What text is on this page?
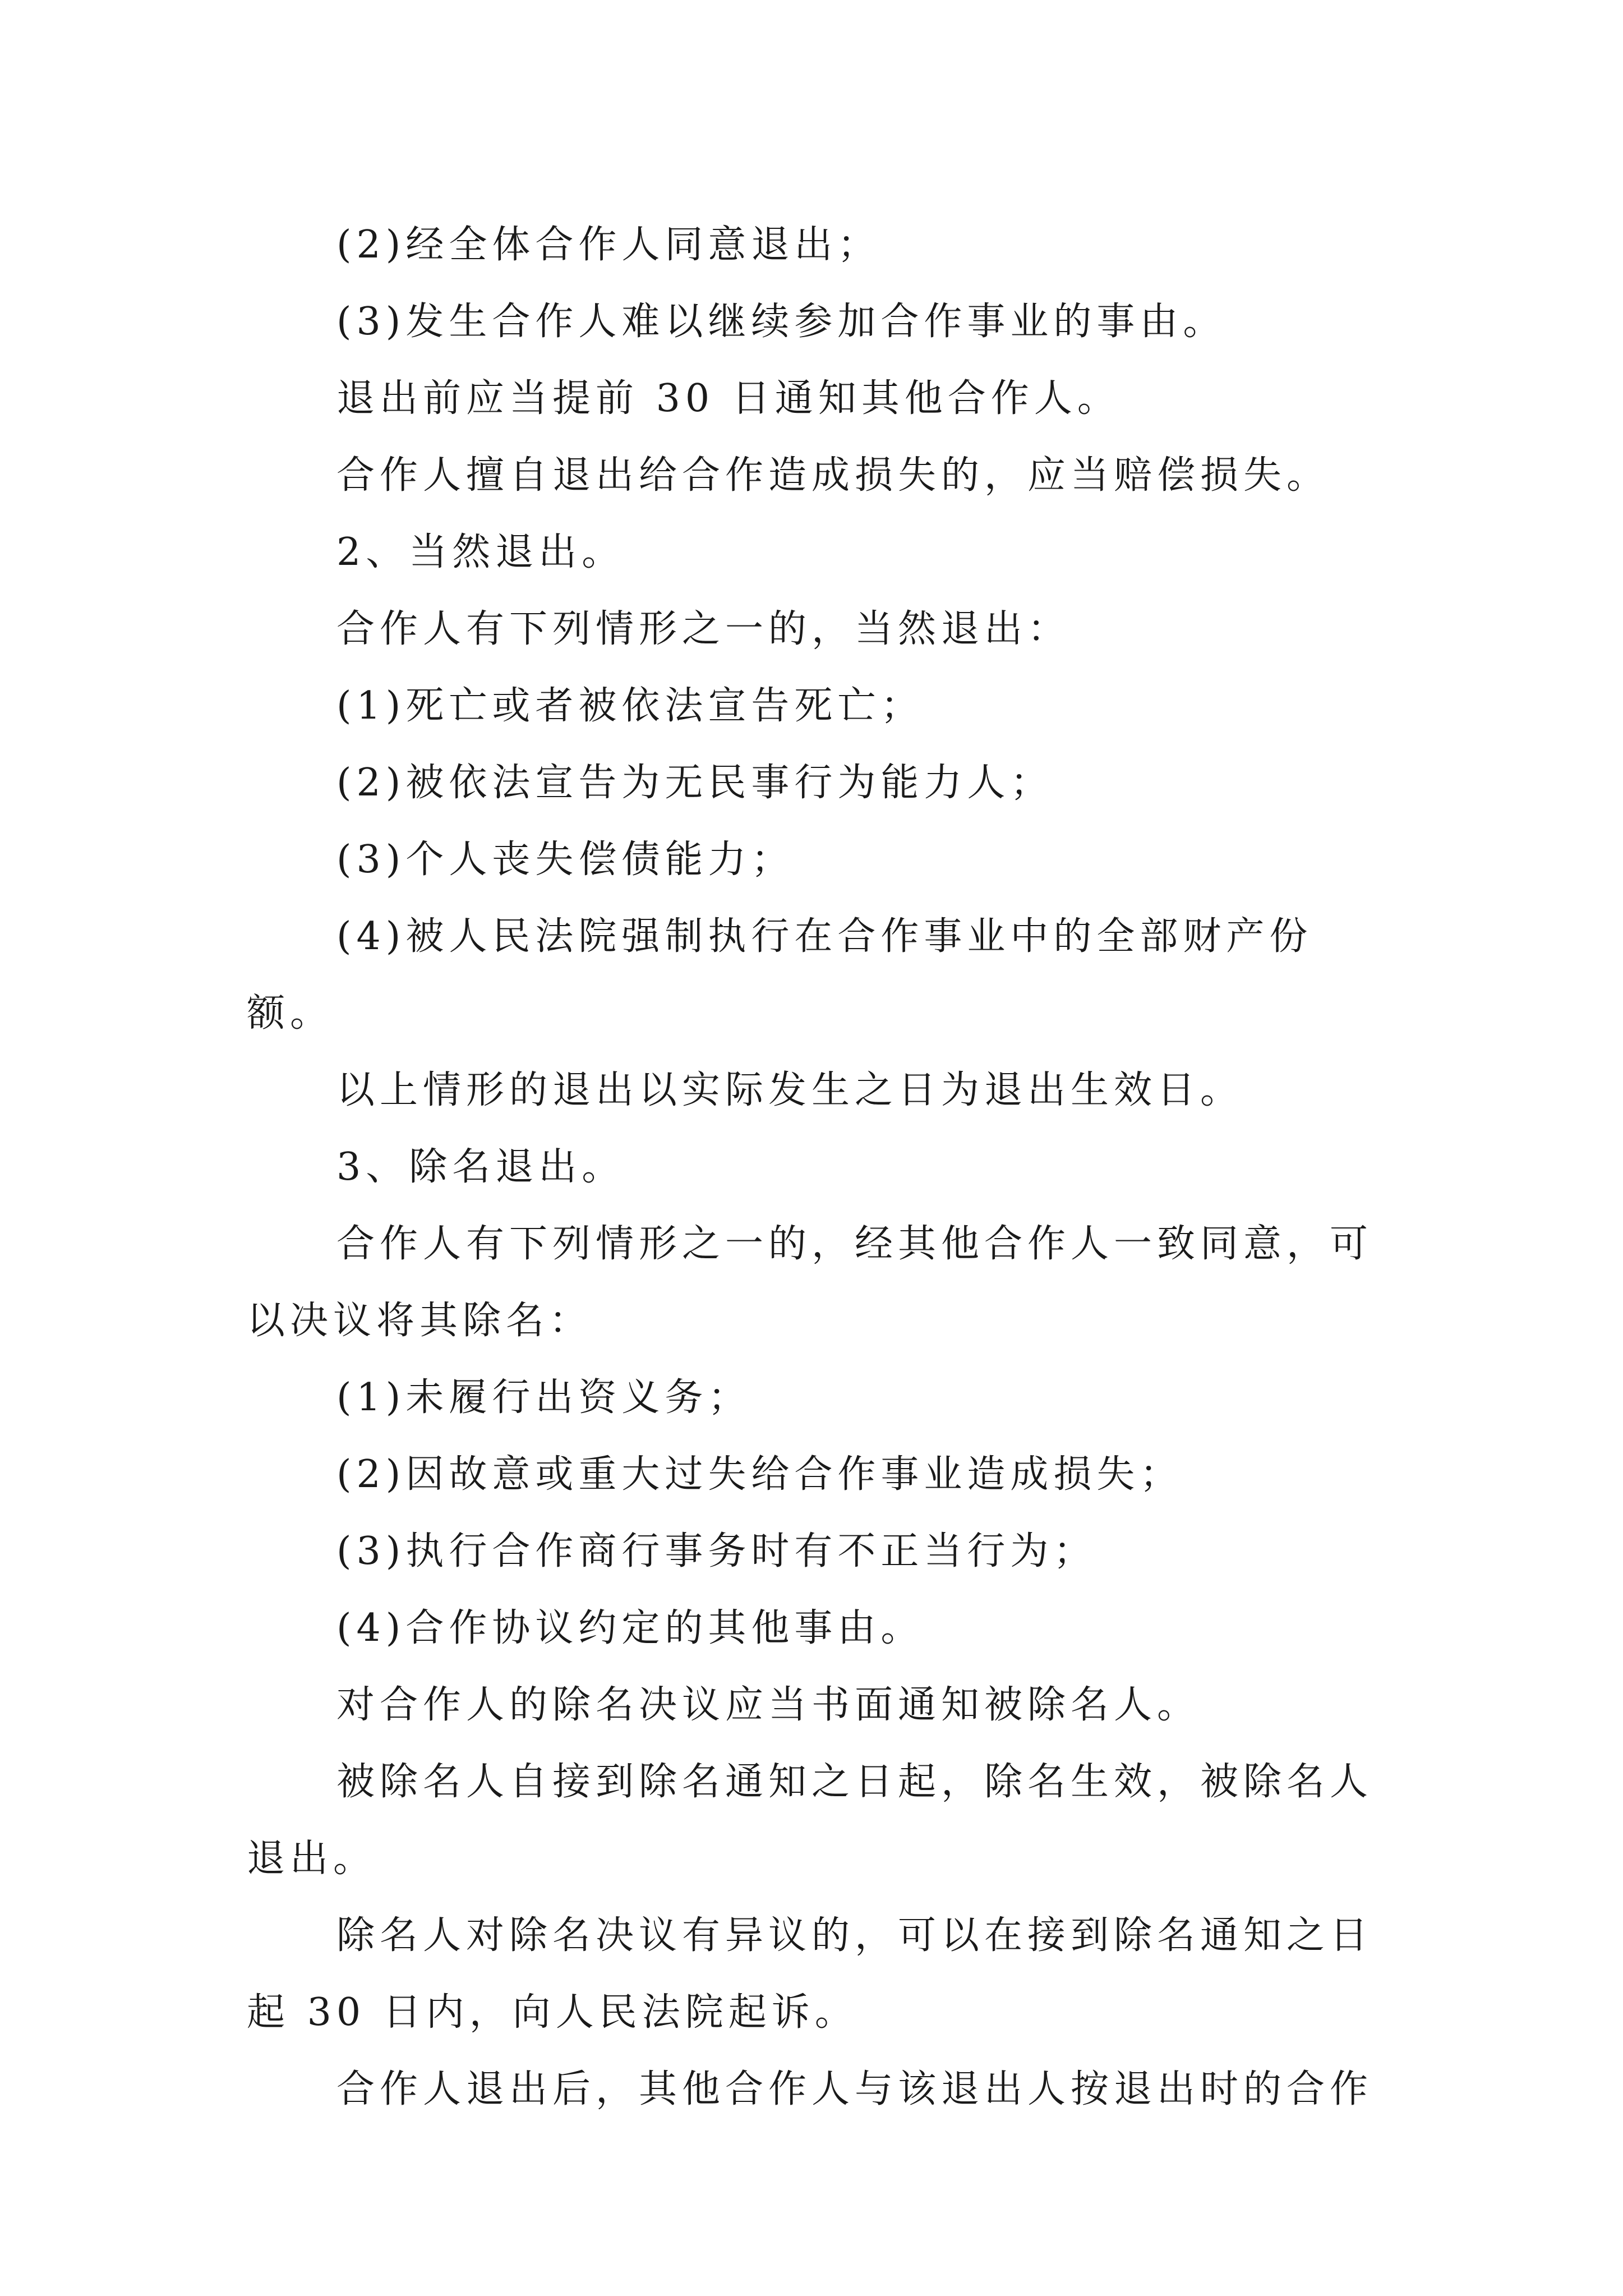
(2)经全体合作人同意退出；

(3)发生合作人难以继续参加合作事业的事由。

退出前应当提前 30 日通知其他合作人。

合作人擅自退出给合作造成损失的，应当赔偿损失。

2、当然退出。

合作人有下列情形之一的，当然退出：

(1)死亡或者被依法宣告死亡；

(2)被依法宣告为无民事行为能力人；

(3)个人丧失偿债能力；

(4)被人民法院强制执行在合作事业中的全部财产份额。

以上情形的退出以实际发生之日为退出生效日。

3、除名退出。

合作人有下列情形之一的，经其他合作人一致同意，可以决议将其除名：

(1)未履行出资义务；

(2)因故意或重大过失给合作事业造成损失；

(3)执行合作商行事务时有不正当行为；

(4)合作协议约定的其他事由。

对合作人的除名决议应当书面通知被除名人。

被除名人自接到除名通知之日起，除名生效，被除名人退出。

除名人对除名决议有异议的，可以在接到除名通知之日起 30 日内，向人民法院起诉。

合作人退出后，其他合作人与该退出人按退出时的合作
